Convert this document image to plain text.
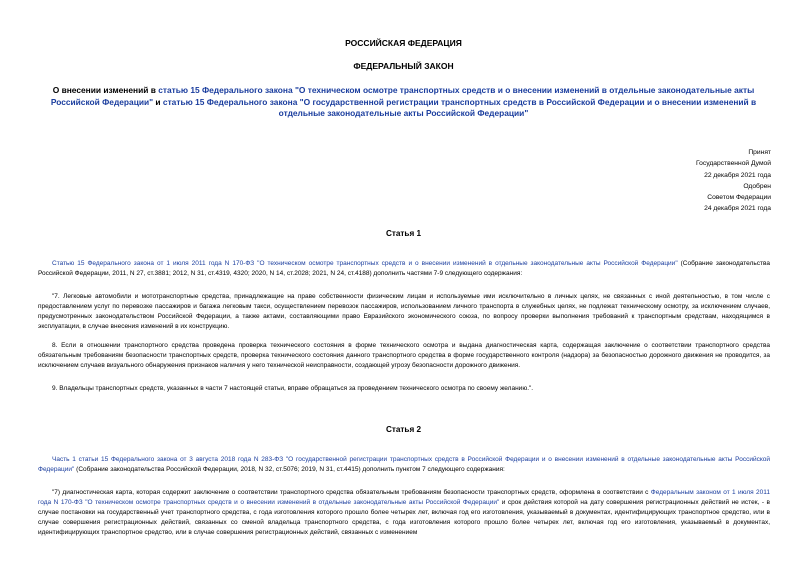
РОССИЙСКАЯ ФЕДЕРАЦИЯ
ФЕДЕРАЛЬНЫЙ ЗАКОН
О внесении изменений в статью 15 Федерального закона "О техническом осмотре транспортных средств и о внесении изменений в отдельные законодательные акты Российской Федерации" и статью 15 Федерального закона "О государственной регистрации транспортных средств в Российской Федерации и о внесении изменений в отдельные законодательные акты Российской Федерации"
Принят
Государственной Думой
22 декабря 2021 года
Одобрен
Советом Федерации
24 декабря 2021 года
Статья 1

Статью 15 Федерального закона от 1 июля 2011 года N 170-ФЗ "О техническом осмотре транспортных средств и о внесении изменений в отдельные законодательные акты Российской Федерации" (Собрание законодательства Российской Федерации, 2011, N 27, ст.3881; 2012, N 31, ст.4319, 4320; 2020, N 14, ст.2028; 2021, N 24, ст.4188) дополнить частями 7-9 следующего содержания:

"7. Легковые автомобили и мототранспортные средства, принадлежащие на праве собственности физическим лицам и используемые ими исключительно в личных целях, не связанных с иной деятельностью, в том числе с предоставлением услуг по перевозке пассажиров и багажа легковым такси, осуществлением перевозок пассажиров, использованием личного транспорта в служебных целях, не подлежат техническому осмотру, за исключением случаев, предусмотренных законодательством Российской Федерации, а также актами, составляющими право Евразийского экономического союза, по вопросу проверки выполнения требований к транспортным средствам, находящимся в эксплуатации, в случае внесения изменений в их конструкцию.

8. Если в отношении транспортного средства проведена проверка технического состояния в форме технического осмотра и выдана диагностическая карта, содержащая заключение о соответствии транспортного средства обязательным требованиям безопасности транспортных средств, проверка технического состояния данного транспортного средства в форме государственного контроля (надзора) за безопасностью дорожного движения не проводится, за исключением случаев визуального обнаружения признаков наличия у него технической неисправности, создающей угрозу безопасности дорожного движения.

9. Владельцы транспортных средств, указанных в части 7 настоящей статьи, вправе обращаться за проведением технического осмотра по своему желанию.".

Статья 2

Часть 1 статьи 15 Федерального закона от 3 августа 2018 года N 283-ФЗ "О государственной регистрации транспортных средств в Российской Федерации и о внесении изменений в отдельные законодательные акты Российской Федерации" (Собрание законодательства Российской Федерации, 2018, N 32, ст.5076; 2019, N 31, ст.4415) дополнить пунктом 7 следующего содержания:

"7) диагностическая карта, которая содержит заключение о соответствии транспортного средства обязательным требованиям безопасности транспортных средств, оформлена в соответствии с Федеральным законом от 1 июля 2011 года N 170-ФЗ "О техническом осмотре транспортных средств и о внесении изменений в отдельные законодательные акты Российской Федерации" и срок действия которой на дату совершения регистрационных действий не истек, - в случае постановки на государственный учет транспортного средства, с года изготовления которого прошло более четырех лет, включая год его изготовления, указываемый в документах, идентифицирующих транспортное средство, или в случае совершения регистрационных действий, связанных со сменой владельца транспортного средства, с года изготовления которого прошло более четырех лет, включая год его изготовления, указываемый в документах, идентифицирующих транспортное средство, или в случае совершения регистрационных действий, связанных с изменением
